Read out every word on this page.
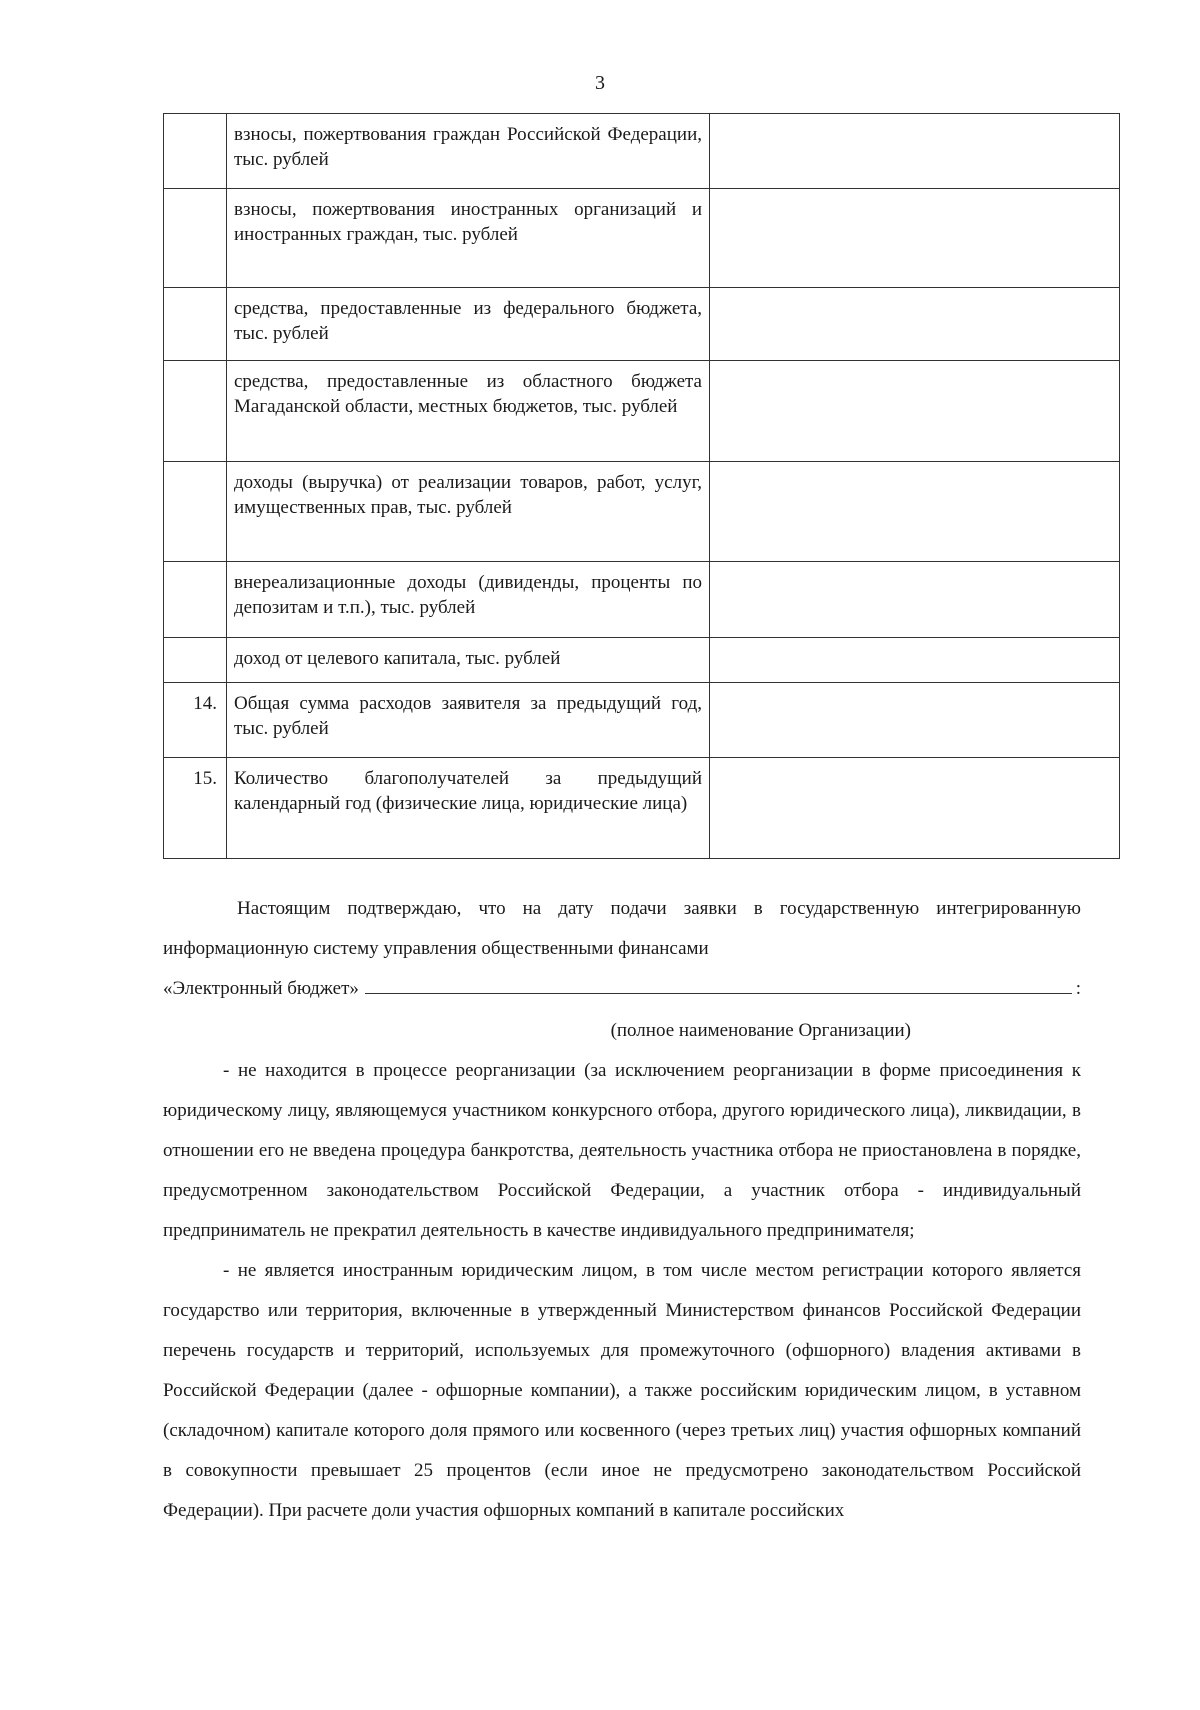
3
	взносы, пожертвования граждан Российской Федерации, тыс. рублей	
	взносы, пожертвования иностранных организаций и иностранных граждан, тыс. рублей	
	средства, предоставленные из федерального бюджета, тыс. рублей	
	средства, предоставленные из областного бюджета Магаданской области, местных бюджетов, тыс. рублей	
	доходы (выручка) от реализации товаров, работ, услуг, имущественных прав, тыс. рублей	
	внереализационные доходы (дивиденды, проценты по депозитам и т.п.), тыс. рублей	
	доход от целевого капитала, тыс. рублей	
14.	Общая сумма расходов заявителя за предыдущий год, тыс. рублей	
15.	Количество благополучателей за предыдущий календарный год (физические лица, юридические лица)	

Настоящим подтверждаю, что на дату подачи заявки в государственную интегрированную информационную систему управления общественными финансами

«Электронный бюджет»	:
(полное наименование Организации)

- не находится в процессе реорганизации (за исключением реорганизации в форме присоединения к юридическому лицу, являющемуся участником конкурсного отбора, другого юридического лица), ликвидации, в отношении его не введена процедура банкротства, деятельность участника отбора не приостановлена в порядке, предусмотренном законодательством Российской Федерации, а участник отбора - индивидуальный предприниматель не прекратил деятельность в качестве индивидуального предпринимателя;

- не является иностранным юридическим лицом, в том числе местом регистрации которого является государство или территория, включенные в утвержденный Министерством финансов Российской Федерации перечень государств и территорий, используемых для промежуточного (офшорного) владения активами в Российской Федерации (далее - офшорные компании), а также российским юридическим лицом, в уставном (складочном) капитале которого доля прямого или косвенного (через третьих лиц) участия офшорных компаний в совокупности превышает 25 процентов (если иное не предусмотрено законодательством Российской Федерации). При расчете доли участия офшорных компаний в капитале российских
